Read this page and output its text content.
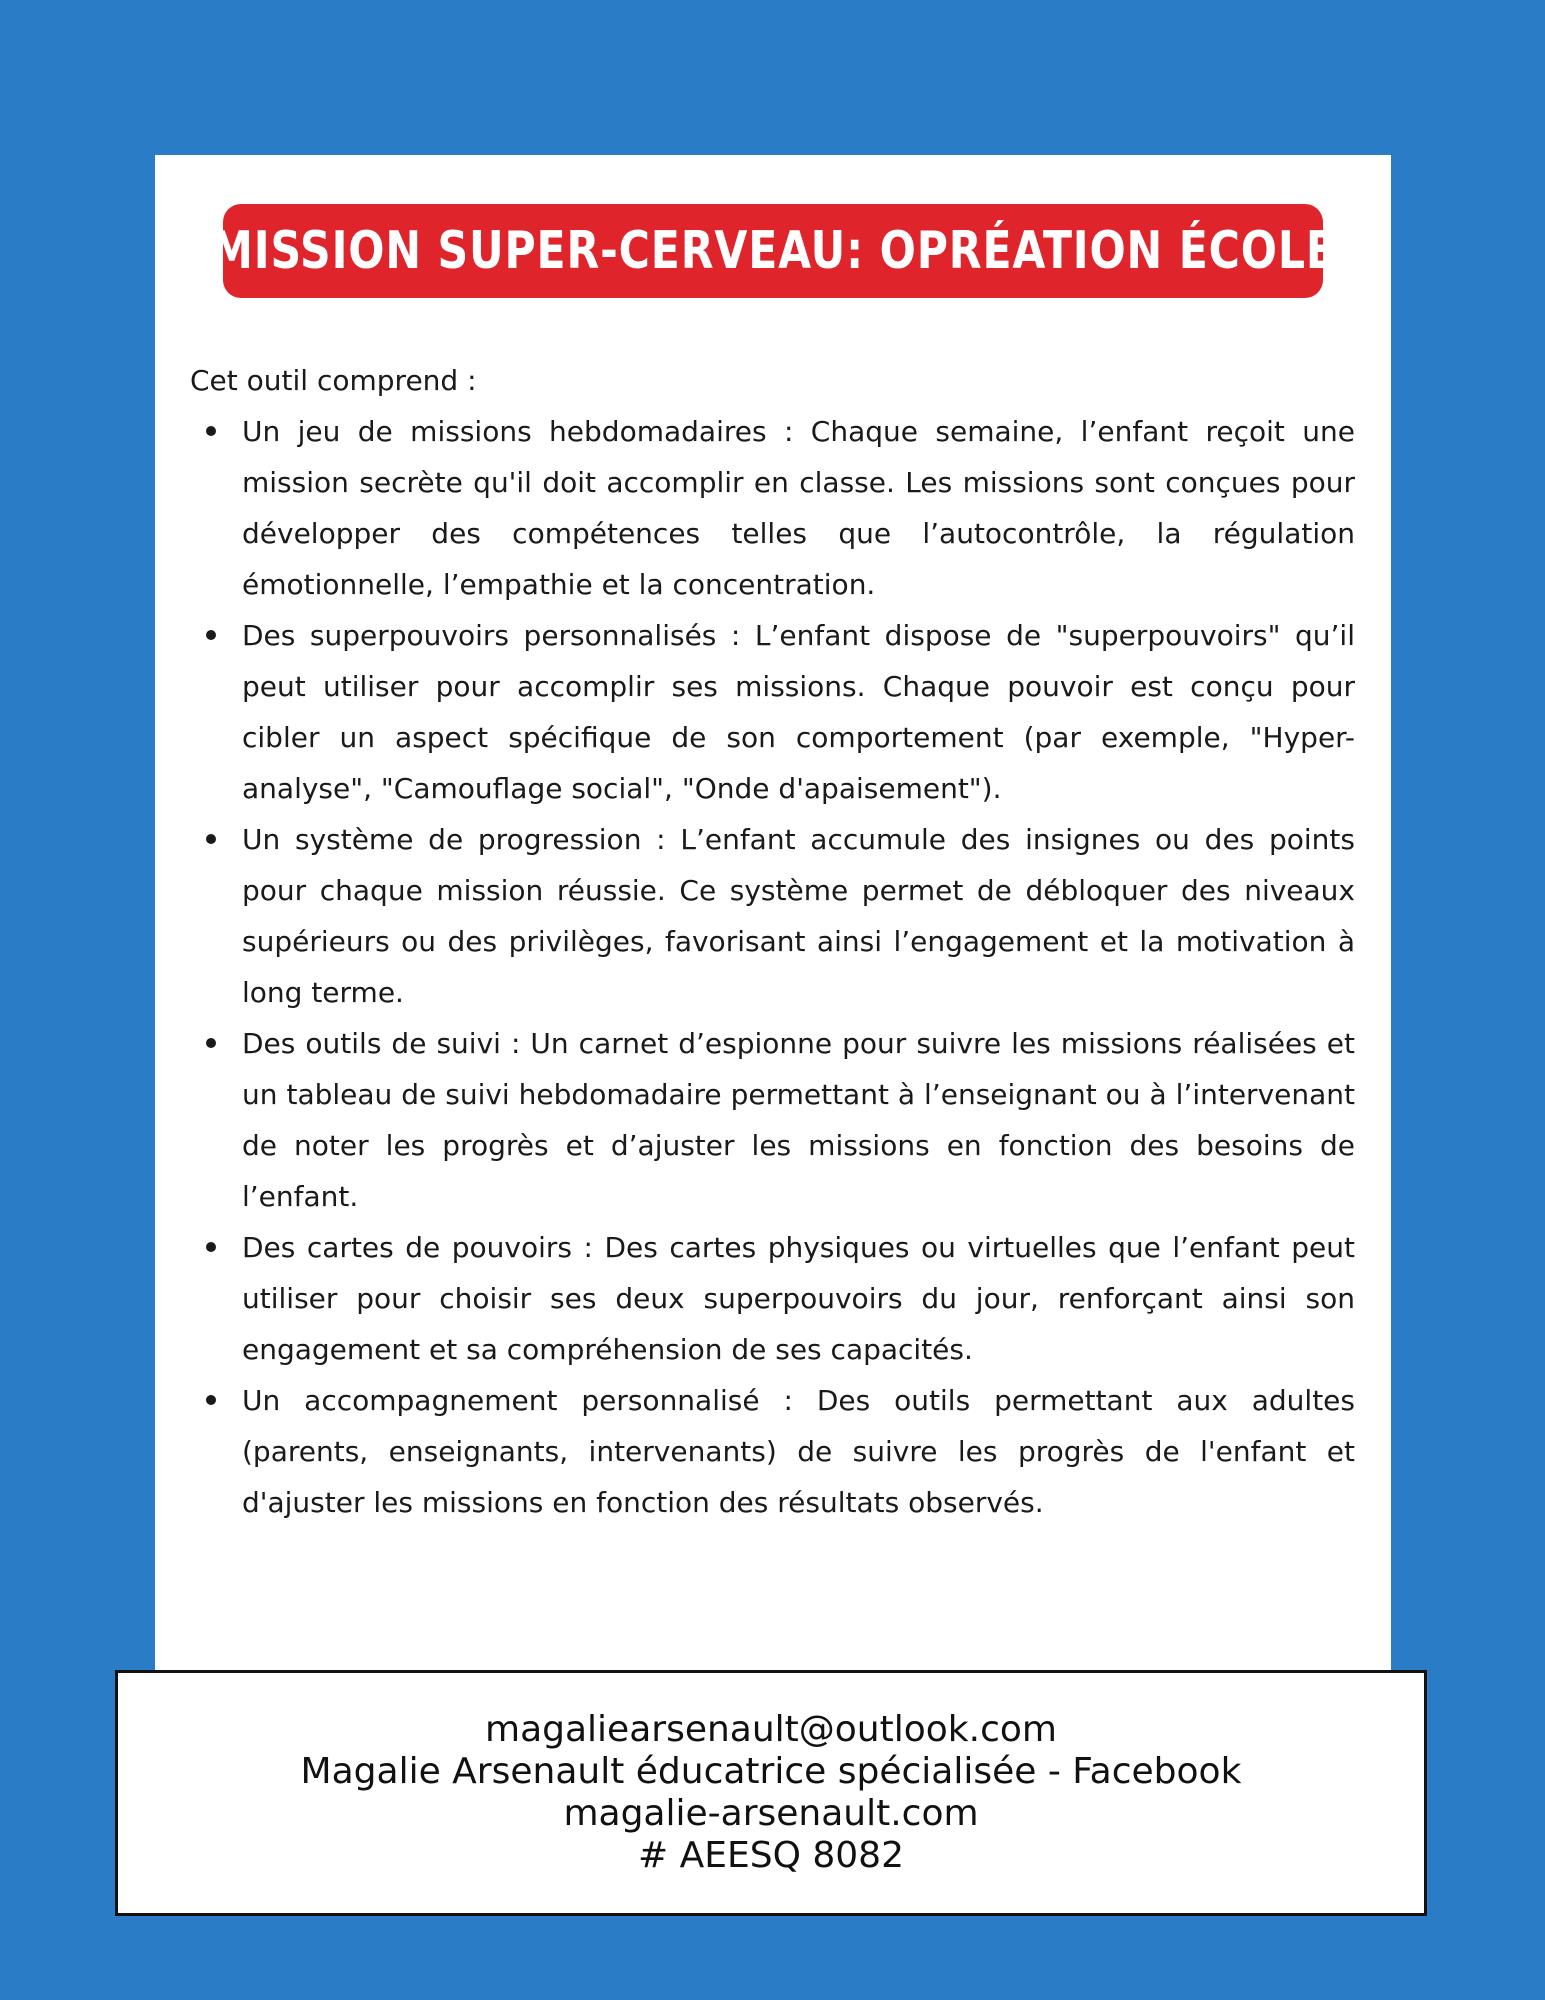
MISSION SUPER-CERVEAU: OPRÉATION ÉCOLE

Cet outil comprend :

Un jeu de missions hebdomadaires : Chaque semaine, l’enfant reçoit une mission secrète qu'il doit accomplir en classe. Les missions sont conçues pour développer des compétences telles que l’autocontrôle, la régulation émotionnelle, l’empathie et la concentration.
Des superpouvoirs personnalisés : L’enfant dispose de "superpouvoirs" qu’il peut utiliser pour accomplir ses missions. Chaque pouvoir est conçu pour cibler un aspect spécifique de son comportement (par exemple, "Hyper-analyse", "Camouflage social", "Onde d'apaisement").
Un système de progression : L’enfant accumule des insignes ou des points pour chaque mission réussie. Ce système permet de débloquer des niveaux supérieurs ou des privilèges, favorisant ainsi l’engagement et la motivation à long terme.
Des outils de suivi : Un carnet d’espionne pour suivre les missions réalisées et un tableau de suivi hebdomadaire permettant à l’enseignant ou à l’intervenant de noter les progrès et d’ajuster les missions en fonction des besoins de l’enfant.
Des cartes de pouvoirs : Des cartes physiques ou virtuelles que l’enfant peut utiliser pour choisir ses deux superpouvoirs du jour, renforçant ainsi son engagement et sa compréhension de ses capacités.
Un accompagnement personnalisé : Des outils permettant aux adultes (parents, enseignants, intervenants) de suivre les progrès de l'enfant et d'ajuster les missions en fonction des résultats observés.
magaliearsenault@outlook.com
Magalie Arsenault éducatrice spécialisée - Facebook
magalie-arsenault.com
# AEESQ 8082
